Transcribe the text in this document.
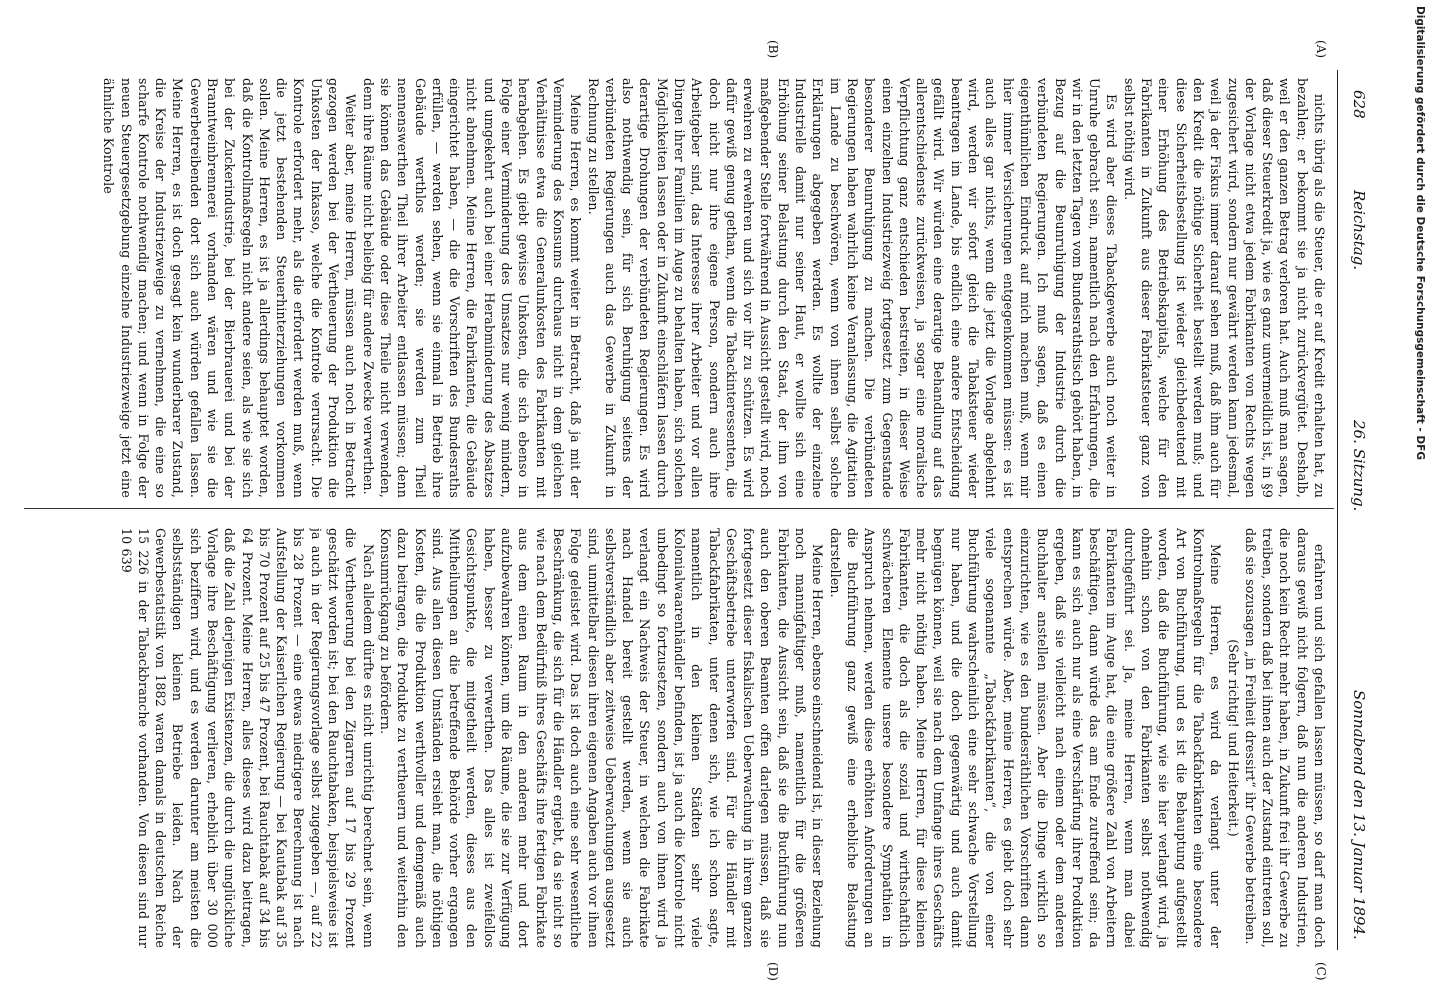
628
Reichstag.
26. Sitzung.
Sonnabend den 13. Januar 1894.
(A)
(B)
(C)
(D)

nichts übrig als die Steuer, die er auf Kredit erhalten hat, zu bezahlen; er bekommt sie ja nicht zurückvergütet. Deshalb, weil er den ganzen Betrag verloren hat. Auch muß man sagen, daß dieser Steuerkredit ja, wie es ganz unvermeidlich ist, in §9 der Vorlage nicht etwa jedem Fabrikanten von Rechts wegen zugesichert wird, sondern nur gewährt werden kann jedesmal, weil ja der Fiskus immer darauf sehen muß, daß ihm auch für den Kredit die nöthige Sicherheit bestellt werden muß; und diese Sicherheitsbestellung ist wieder gleichbedeutend mit einer Erhöhung des Betriebskapitals, welche für den Fabrikanten in Zukunft aus dieser Fabrikatsteuer ganz von selbst nöthig wird.

Es wird aber dieses Tabackgewerbe auch noch weiter in Unruhe gebracht sein, namentlich nach den Erfahrungen, die wir in den letzten Tagen vom Bundesrathstisch gehört haben, in Bezug auf die Beunruhigung der Industrie durch die verbündeten Regierungen. Ich muß sagen, daß es einen eigenthümlichen Eindruck auf mich machen muß, wenn mir hier immer Versicherungen entgegenkommen müssen: es ist auch alles gar nichts, wenn die jetzt die Vorlage abgelehnt wird, werden wir sofort gleich die Tabaksteuer wieder beantragen im Lande, bis endlich eine andere Entscheidung gefällt wird. Wir würden eine derartige Behandlung auf das allerentschiedenste zurückweisen, ja sogar eine moralische Verpflichtung ganz entschieden bestreiten, in dieser Weise einen einzelnen Industriezweig fortgesetzt zum Gegenstande besonderer Beunruhigung zu machen. Die verbündeten Regierungen haben wahrlich keine Veranlassung, die Agitation im Lande zu beschwören, wenn von ihnen selbst solche Erklärungen abgegeben werden. Es wollte der einzelne Industrielle damit nur seiner Haut, er wollte sich eine Erhöhung seiner Belastung durch den Staat, der ihm von maßgebender Stelle fortwährend in Aussicht gestellt wird, noch erwehren zu erwehren und sich vor ihr zu schützen. Es wird dafür gewiß genug gethan, wenn die Tabackinteressenten, die doch nicht nur ihre eigene Person, sondern auch ihre Arbeitgeber sind, das Interesse ihrer Arbeiter und vor allen Dingen ihrer Familien im Auge zu behalten haben, sich solchen Möglichkeiten lassen oder in Zukunft einschläfern lassen durch derartige Drohungen der verbündeten Regierungen. Es wird also nothwendig sein, für sich Beruhigung seitens der verbündeten Regierungen auch das Gewerbe in Zukunft in Rechnung zu stellen.

Meine Herren, es kommt weiter in Betracht, daß ja mit der Verminderung des Konsums durchaus nicht in dem gleichen Verhältnisse etwa die Generalunkosten des Fabrikanten mit herabgehen. Es giebt gewisse Unkosten, die sich ebenso in Folge einer Verminderung des Umsatzes nur wenig mindern, und umgekehrt auch bei einer Herabminderung des Absatzes nicht abnehmen. Meine Herren, die Fabrikanten, die Gebäude eingerichtet haben, — die die Vorschriften des Bundesraths erfüllen, — werden sehen, wenn sie einmal in Betrieb ihre Gebäude werthlos werden; sie werden zum Theil nennenswerthen Theil ihrer Arbeiter entlassen müssen; denn sie können das Gebäude oder diese Theile nicht verwenden, denn ihre Räume nicht beliebig für andere Zwecke verwerthen.

Weiter aber, meine Herren, müssen auch noch in Betracht gezogen werden bei der Vertheuerung der Produktion die Unkosten der Inkasso, welche die Kontrole verursacht. Die Kontrole erfordert mehr, als die erfordert werden muß, wenn die jetzt bestehenden Steuerhinterziehungen vorkommen sollen. Meine Herren, es ist ja allerdings behauptet worden, daß die Kontrollmaßregeln nicht andere seien, als wie sie sich bei der Zuckerindustrie, bei der Bierbrauerei und bei der Branntweinbrennerei vorhanden wären und wie sie die Gewerbetreibenden dort sich auch würden gefallen lassen. Meine Herren, es ist doch gesagt kein wunderbarer Zustand, die Kreise der Industriezweige zu vernehmen, die eine so scharfe Kontrole nothwendig machen; und wenn in Folge der neuen Steuergesetzgebung einzelne Industriezweige jetzt eine ähnliche Kontrole

erfahren und sich gefallen lassen müssen, so darf man doch daraus gewiß nicht folgern, daß nun die anderen Industrien, die noch kein Recht mehr haben, in Zukunft frei ihr Gewerbe zu treiben, sondern daß bei ihnen auch der Zustand eintreten soll, daß sie sozusagen „in Freiheit dressirt“ ihr Gewerbe betreiben.

(Sehr richtig! und Heiterkeit.)

Meine Herren, es wird da verlangt unter der Kontrolmaßregeln für die Tabackfabrikanten eine besondere Art von Buchführung, und es ist die Behauptung aufgestellt worden, daß die Buchführung, wie sie hier verlangt wird, ja ohnehin schon von den Fabrikanten selbst nothwendig durchgeführt sei. Ja, meine Herren, wenn man dabei Fabrikanten im Auge hat, die eine größere Zahl von Arbeitern beschäftigen, dann würde das am Ende zutreffend sein; da kann es sich auch nur als eine Verschärfung ihrer Produktion ergeben, daß sie vielleicht nach einem oder dem anderen Buchhalter anstellen müssen. Aber die Dinge wirklich so einzurichten, wie es den bundesräthlichen Vorschriften dann entsprechen würde. Aber, meine Herren, es giebt doch sehr viele sogenannte „Tabackfabrikanten“, die von einer Buchführung wahrscheinlich eine sehr schwache Vorstellung nur haben, und die doch gegenwärtig und auch damit begnügen können, weil sie nach dem Umfange ihres Geschäfts mehr nicht nöthig haben. Meine Herren, für diese kleinen Fabrikanten, die doch als die sozial und wirthschaftlich schwächeren Elemente unsere besondere Sympathien in Anspruch nehmen, werden diese erhöhten Anforderungen an die Buchführung ganz gewiß eine erhebliche Belastung darstellen.

Meine Herren, ebenso einschneidend ist, in dieser Beziehung noch mannigfaltiger muß, namentlich für die größeren Fabrikanten, die Aussicht sein, daß sie die Buchführung nun auch den oberen Beamten offen darlegen müssen, daß sie fortgesetzt dieser fiskalischen Ueberwachung in ihrem ganzen Geschäftsbetriebe unterworfen sind. Für die Händler mit Tabackfabrikaten, unter denen sich, wie ich schon sagte, namentlich in den kleinen Städten sehr viele Kolonialwaarenhändler befinden, ist ja auch die Kontrole nicht unbedingt so fortzusetzen, sondern auch von ihnen wird ja verlangt ein Nachweis der Steuer, in welchen die Fabrikate nach Handel bereit gestellt werden, wenn sie auch selbstverständlich aber zeitweise Ueberwachungen ausgesetzt sind, unmittelbar diesen ihren eigenen Angaben auch vor ihnen Folge geleistet wird. Das ist doch auch eine sehr wesentliche Beschränkung, die sich für die Händler ergiebt, da sie nicht so wie nach dem Bedürfniß ihres Geschäfts ihre fertigen Fabrikate aus dem einen Raum in den anderen mehr und dort aufzubewahren können, um die Räume, die sie zur Verfügung haben, besser zu verwerthen. Das alles ist zweifellos Gesichtspunkte, die mitgetheilt werden, dieses aus den Mittheilungen an die betreffende Behörde vorher ergangen sind. Aus allen diesen Umständen ersieht man, die nöthigen Kosten, die die Produktion werthvoller und demgemäß auch dazu beitragen, die Produkte zu vertheuern und weiterhin den Konsumrückgang zu befördern.

Nach alledem dürfte es nicht unrichtig berechnet sein, wenn die Vertheuerung bei den Zigarren auf 17 bis 29 Prozent geschätzt worden ist; bei den Rauchtabaken, beispielsweise ist ja auch in der Regierungsvorlage selbst zugegeben —, auf 22 bis 28 Prozent — eine etwas niedrigere Berechnung ist nach Aufstellung der Kaiserlichen Regierung — bei Kautabak auf 35 bis 70 Prozent auf 25 bis 47 Prozent, bei Rauchtabak auf 34 bis 64 Prozent. Meine Herren, alles dieses wird dazu beitragen, daß die Zahl derjenigen Existenzen, die durch die unglückliche Vorlage ihre Beschäftigung verlieren, erheblich über 30 000 sich beziffern wird, und es werden darunter am meisten die selbstständigen kleinen Betriebe leiden. Nach der Gewerbestatistik von 1882 waren damals in deutschen Reiche 15 226 in der Tabackbranche vorhanden. Von diesen sind nur 10 639

Digitalisierung gefördert durch die Deutsche Forschungsgemeinschaft - DFG
